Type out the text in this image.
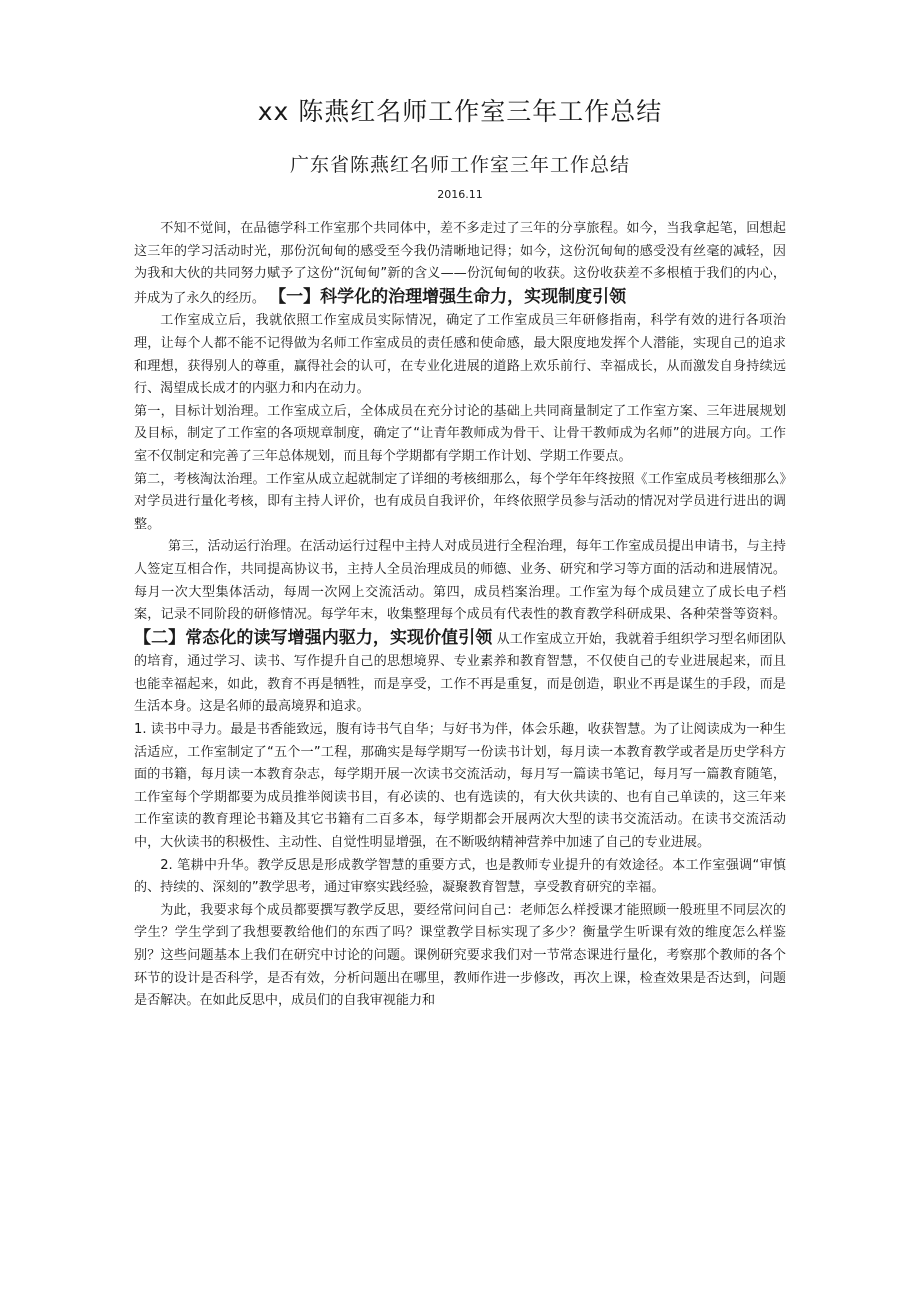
xx 陈燕红名师工作室三年工作总结
广东省陈燕红名师工作室三年工作总结
2016.11

不知不觉间，在品德学科工作室那个共同体中，差不多走过了三年的分享旅程。如今，当我拿起笔，回想起这三年的学习活动时光，那份沉甸甸的感受至今我仍清晰地记得；如今，这份沉甸甸的感受没有丝毫的减轻，因为我和大伙的共同努力赋予了这份“沉甸甸”新的含义——份沉甸甸的收获。这份收获差不多根植于我们的内心，并成为了永久的经历。 【一】科学化的治理增强生命力，实现制度引领

工作室成立后，我就依照工作室成员实际情况，确定了工作室成员三年研修指南，科学有效的进行各项治理，让每个人都不能不记得做为名师工作室成员的责任感和使命感，最大限度地发挥个人潜能，实现自己的追求和理想，获得别人的尊重，赢得社会的认可，在专业化进展的道路上欢乐前行、幸福成长，从而激发自身持续远行、渴望成长成才的内驱力和内在动力。

第一，目标计划治理。工作室成立后，全体成员在充分讨论的基础上共同商量制定了工作室方案、三年进展规划及目标，制定了工作室的各项规章制度，确定了“让青年教师成为骨干、让骨干教师成为名师”的进展方向。工作室不仅制定和完善了三年总体规划，而且每个学期都有学期工作计划、学期工作要点。

第二，考核淘汰治理。工作室从成立起就制定了详细的考核细那么，每个学年年终按照《工作室成员考核细那么》对学员进行量化考核，即有主持人评价，也有成员自我评价，年终依照学员参与活动的情况对学员进行进出的调整。

第三，活动运行治理。在活动运行过程中主持人对成员进行全程治理，每年工作室成员提出申请书，与主持人签定互相合作，共同提高协议书，主持人全员治理成员的师德、业务、研究和学习等方面的活动和进展情况。每月一次大型集体活动，每周一次网上交流活动。第四，成员档案治理。工作室为每个成员建立了成长电子档案，记录不同阶段的研修情况。每学年末，收集整理每个成员有代表性的教育教学科研成果、各种荣誉等资料。 【二】常态化的读写增强内驱力，实现价值引领 从工作室成立开始，我就着手组织学习型名师团队的培育，通过学习、读书、写作提升自己的思想境界、专业素养和教育智慧，不仅使自己的专业进展起来，而且也能幸福起来，如此，教育不再是牺牲，而是享受，工作不再是重复，而是创造，职业不再是谋生的手段，而是生活本身。这是名师的最高境界和追求。

1. 读书中寻力。最是书香能致远，腹有诗书气自华；与好书为伴，体会乐趣，收获智慧。为了让阅读成为一种生活适应，工作室制定了“五个一”工程，那确实是每学期写一份读书计划，每月读一本教育教学或者是历史学科方面的书籍，每月读一本教育杂志，每学期开展一次读书交流活动，每月写一篇读书笔记，每月写一篇教育随笔，工作室每个学期都要为成员推举阅读书目，有必读的、也有选读的，有大伙共读的、也有自己单读的，这三年来工作室读的教育理论书籍及其它书籍有二百多本，每学期都会开展两次大型的读书交流活动。在读书交流活动中，大伙读书的积极性、主动性、自觉性明显增强，在不断吸纳精神营养中加速了自己的专业进展。

2. 笔耕中升华。教学反思是形成教学智慧的重要方式，也是教师专业提升的有效途径。本工作室强调“审慎的、持续的、深刻的”教学思考，通过审察实践经验，凝聚教育智慧，享受教育研究的幸福。

为此，我要求每个成员都要撰写教学反思，要经常问问自己：老师怎么样授课才能照顾一般班里不同层次的学生？学生学到了我想要教给他们的东西了吗？课堂教学目标实现了多少？衡量学生听课有效的维度怎么样鉴别？这些问题基本上我们在研究中讨论的问题。课例研究要求我们对一节常态课进行量化，考察那个教师的各个环节的设计是否科学，是否有效，分析问题出在哪里，教师作进一步修改，再次上课，检查效果是否达到，问题是否解决。在如此反思中，成员们的自我审视能力和
